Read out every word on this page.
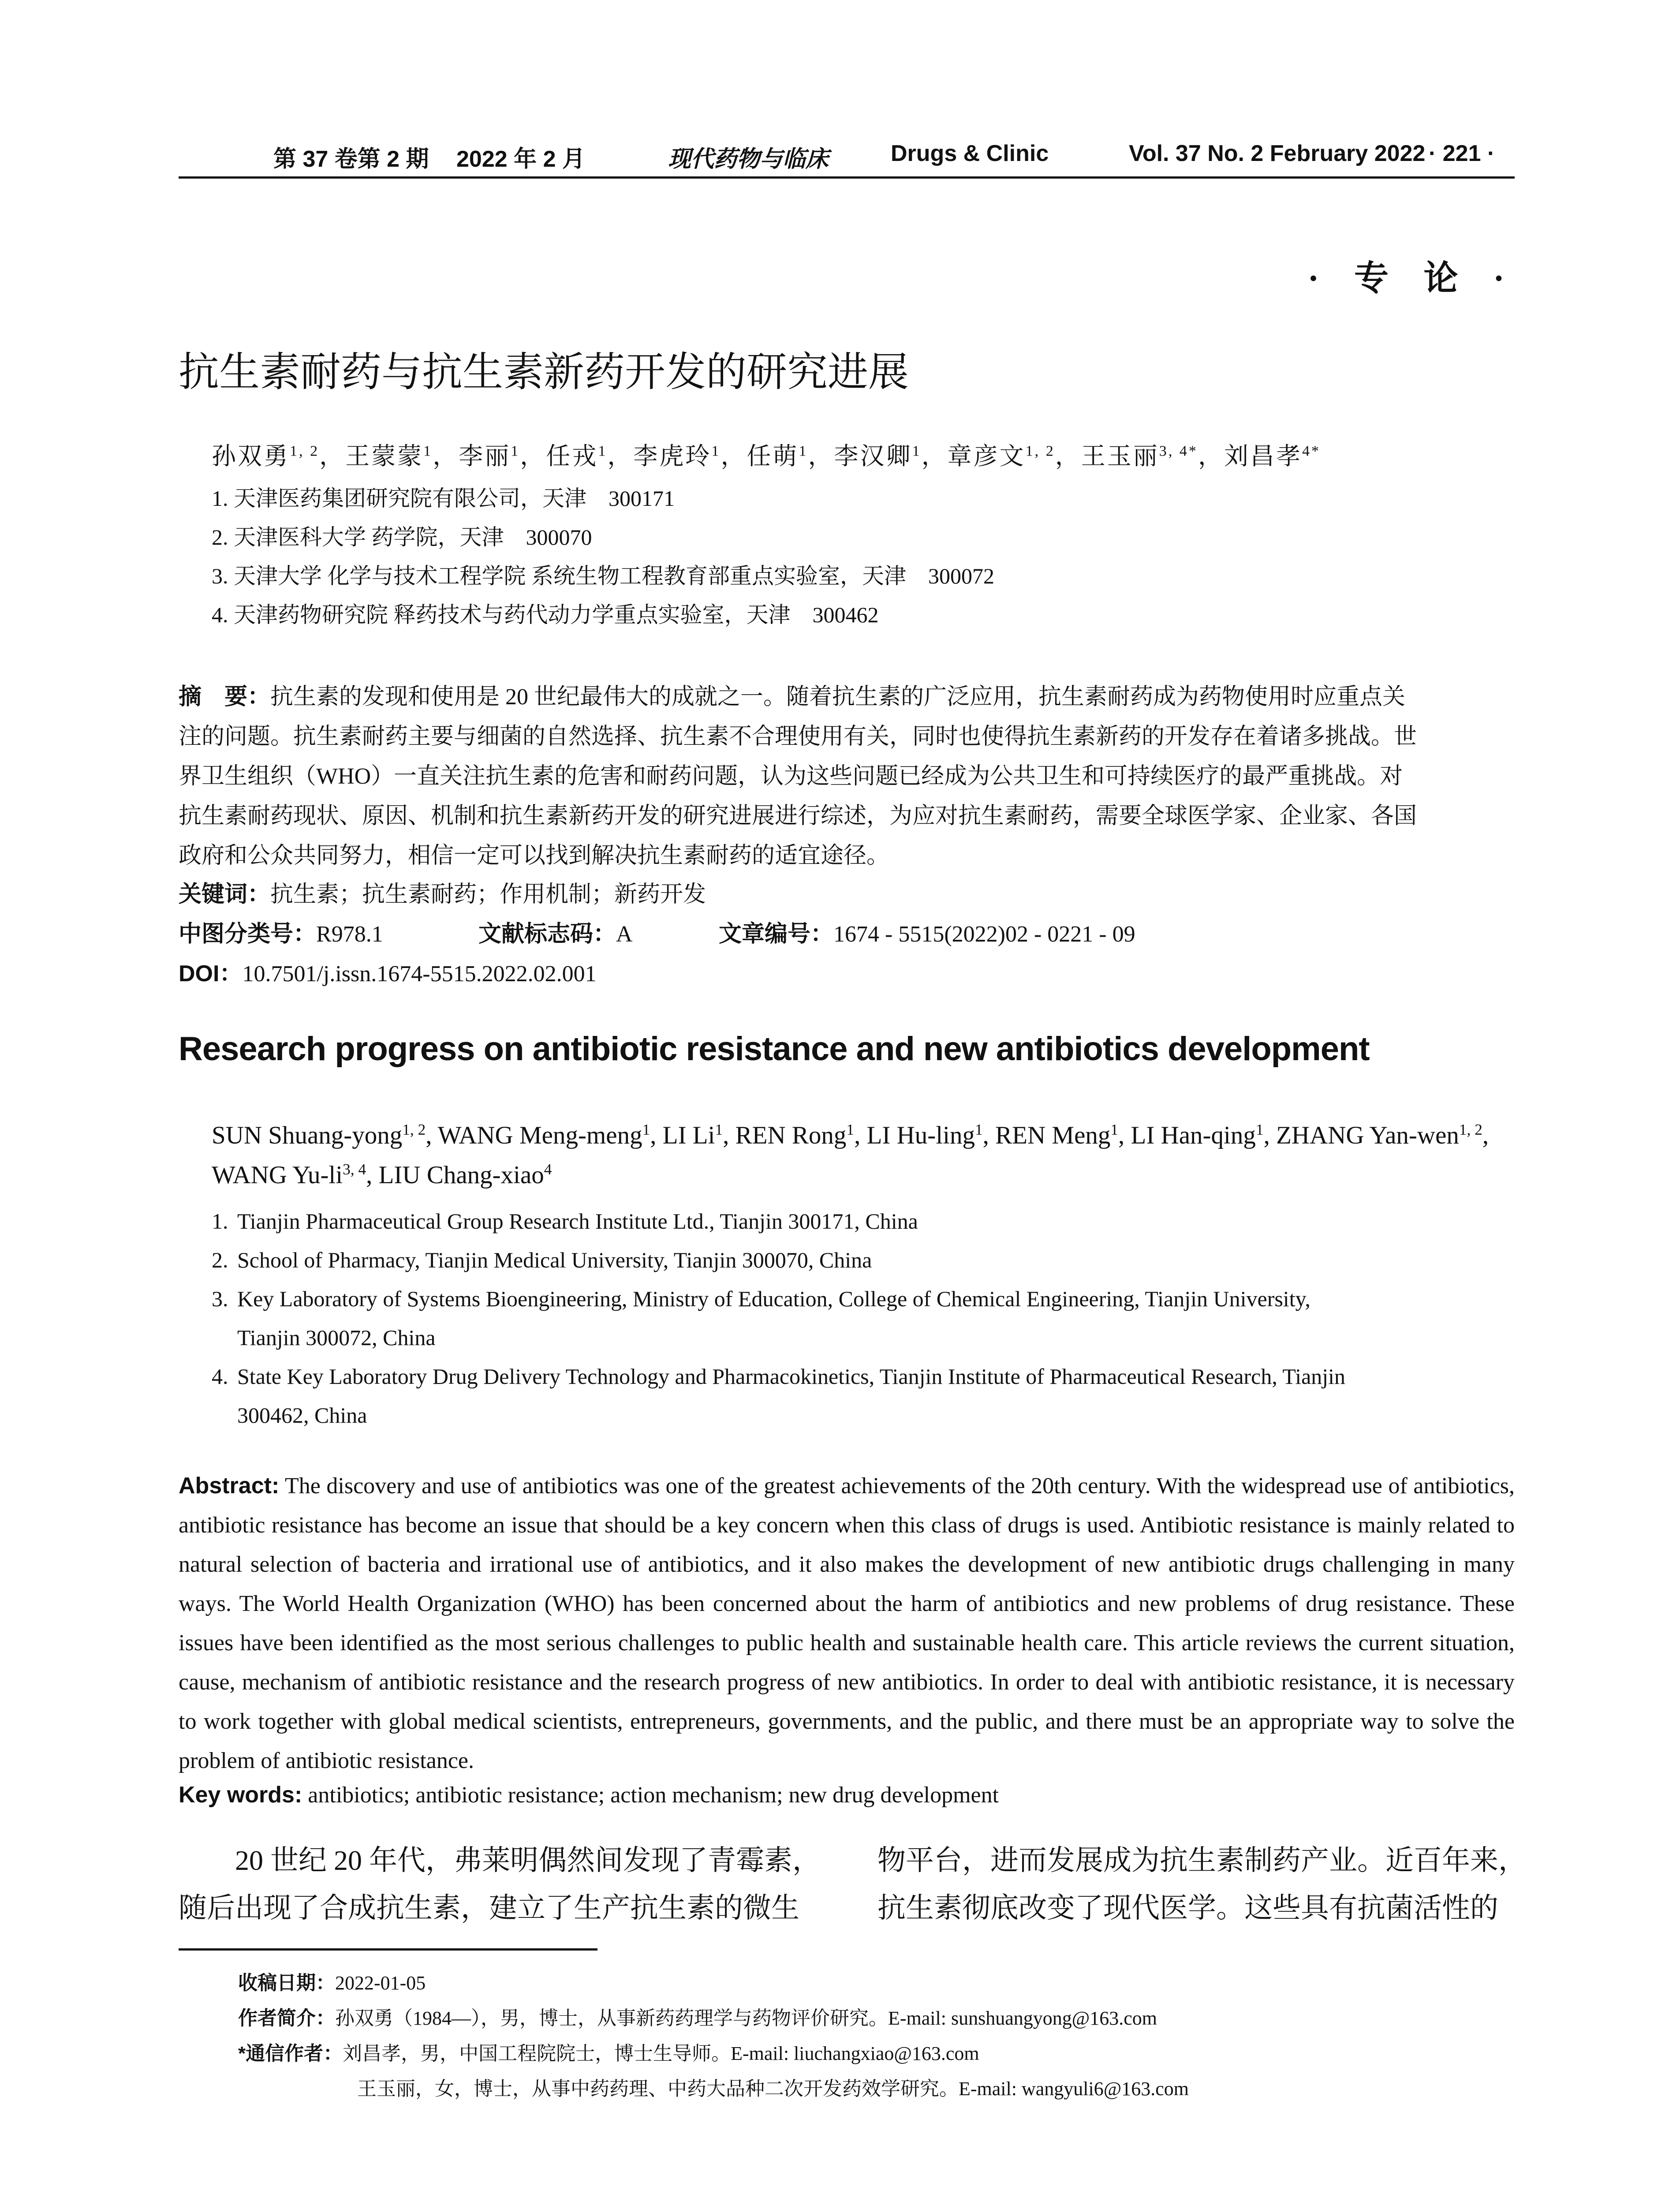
第 37 卷第 2 期 2022 年 2 月	现代药物与临床	Drugs & Clinic	Vol. 37 No. 2 February 2022 · 221 ·
· 专 论 ·
抗生素耐药与抗生素新药开发的研究进展
孙双勇$^{1, 2}$，王蒙蒙$^1$，李丽$^1$，任戎$^1$，李虎玲$^1$，任萌$^1$，李汉卿$^1$，章彦文$^{1, 2}$，王玉丽$^{3, 4*}$，刘昌孝$^{4*}$
1. 天津医药集团研究院有限公司，天津　300171
2. 天津医科大学 药学院，天津　300070
3. 天津大学 化学与技术工程学院 系统生物工程教育部重点实验室，天津　300072
4. 天津药物研究院 释药技术与药代动力学重点实验室，天津　300462
摘　要：抗生素的发现和使用是 20 世纪最伟大的成就之一。随着抗生素的广泛应用，抗生素耐药成为药物使用时应重点关
注的问题。抗生素耐药主要与细菌的自然选择、抗生素不合理使用有关，同时也使得抗生素新药的开发存在着诸多挑战。世
界卫生组织（WHO）一直关注抗生素的危害和耐药问题，认为这些问题已经成为公共卫生和可持续医疗的最严重挑战。对
抗生素耐药现状、原因、机制和抗生素新药开发的研究进展进行综述，为应对抗生素耐药，需要全球医学家、企业家、各国
政府和公众共同努力，相信一定可以找到解决抗生素耐药的适宜途径。
关键词：抗生素；抗生素耐药；作用机制；新药开发
中图分类号：R978.1	文献标志码：A	文章编号：1674 - 5515(2022)02 - 0221 - 09
DOI：10.7501/j.issn.1674-5515.2022.02.001
Research progress on antibiotic resistance and new antibiotics development
SUN Shuang-yong$^{1, 2}$, WANG Meng-meng$^1$, LI Li$^1$, REN Rong$^1$, LI Hu-ling$^1$, REN Meng$^1$, LI Han-qing$^1$, ZHANG Yan-wen$^{1, 2}$, WANG Yu-li$^{3, 4}$, LIU Chang-xiao$^4$
1. Tianjin Pharmaceutical Group Research Institute Ltd., Tianjin 300171, China
2. School of Pharmacy, Tianjin Medical University, Tianjin 300070, China
3. Key Laboratory of Systems Bioengineering, Ministry of Education, College of Chemical Engineering, Tianjin University,
Tianjin 300072, China
4. State Key Laboratory Drug Delivery Technology and Pharmacokinetics, Tianjin Institute of Pharmaceutical Research, Tianjin
300462, China
Abstract: The discovery and use of antibiotics was one of the greatest achievements of the 20th century. With the widespread use of antibiotics, antibiotic resistance has become an issue that should be a key concern when this class of drugs is used. Antibiotic resistance is mainly related to natural selection of bacteria and irrational use of antibiotics, and it also makes the development of new antibiotic drugs challenging in many ways. The World Health Organization (WHO) has been concerned about the harm of antibiotics and new problems of drug resistance. These issues have been identified as the most serious challenges to public health and sustainable health care. This article reviews the current situation, cause, mechanism of antibiotic resistance and the research progress of new antibiotics. In order to deal with antibiotic resistance, it is necessary to work together with global medical scientists, entrepreneurs, governments, and the public, and there must be an appropriate way to solve the problem of antibiotic resistance.
Key words: antibiotics; antibiotic resistance; action mechanism; new drug development
20 世纪 20 年代，弗莱明偶然间发现了青霉素，
随后出现了合成抗生素，建立了生产抗生素的微生
物平台，进而发展成为抗生素制药产业。近百年来，
抗生素彻底改变了现代医学。这些具有抗菌活性的
收稿日期：2022-01-05
作者简介：孙双勇（1984—），男，博士，从事新药药理学与药物评价研究。E-mail: sunshuangyong@163.com
*通信作者：刘昌孝，男，中国工程院院士，博士生导师。E-mail: liuchangxiao@163.com
王玉丽，女，博士，从事中药药理、中药大品种二次开发药效学研究。E-mail: wangyuli6@163.com
